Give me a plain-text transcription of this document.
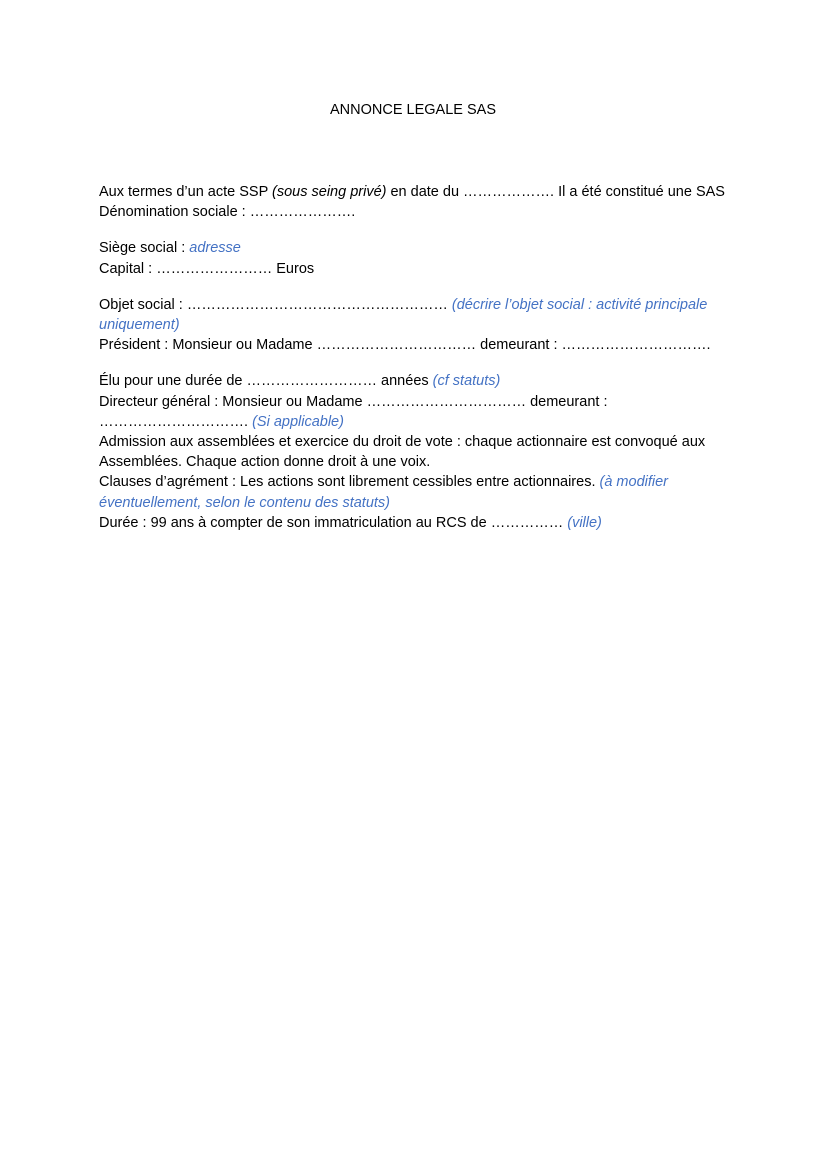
ANNONCE LEGALE SAS
Aux termes d’un acte SSP (sous seing privé) en date du ………………. Il a été constitué une SAS
Dénomination sociale : ………………….
Siège social : adresse
Capital : …………………… Euros
Objet social : ……………………………………………… (décrire l’objet social : activité principale uniquement)
Président : Monsieur ou Madame …………………………… demeurant : ………………………….
Élu pour une durée de ……………………… années (cf statuts)
Directeur général : Monsieur ou Madame …………………………… demeurant :
…………………………. (Si applicable)
Admission aux assemblées et exercice du droit de vote : chaque actionnaire est convoqué aux Assemblées. Chaque action donne droit à une voix.
Clauses d’agrément : Les actions sont librement cessibles entre actionnaires. (à modifier éventuellement, selon le contenu des statuts)
Durée : 99 ans à compter de son immatriculation au RCS de …………… (ville)
